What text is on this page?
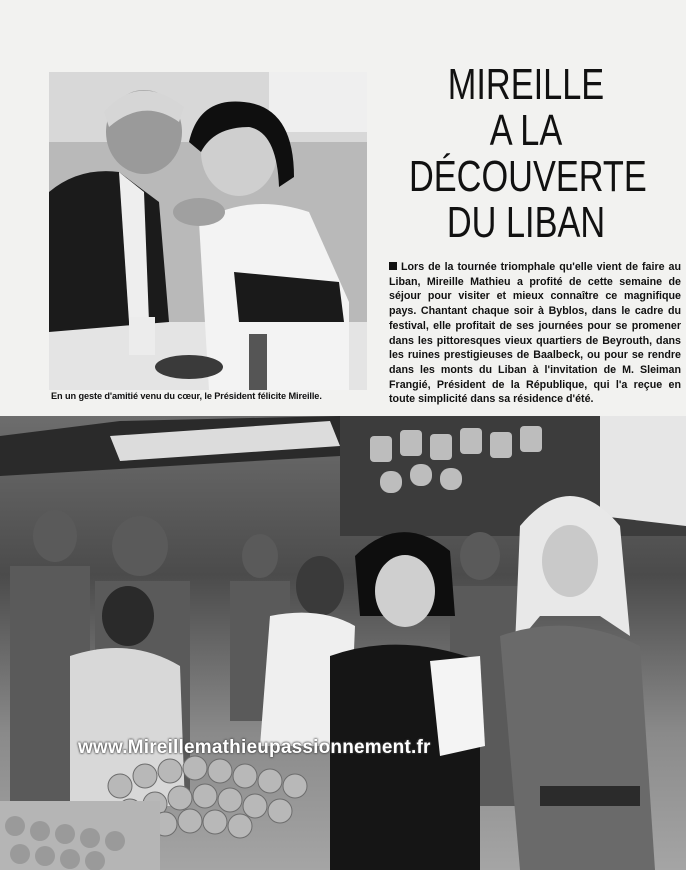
En un geste d'amitié venu du cœur, le Président félicite Mireille.
MIREILLE
A LA
DÉCOUVERTE
DU LIBAN
Lors de la tournée triomphale qu'elle vient de faire au Liban, Mireille Mathieu a profité de cette semaine de séjour pour visiter et mieux connaître ce magnifique pays. Chantant chaque soir à Byblos, dans le cadre du festival, elle profitait de ses journées pour se promener dans les pittoresques vieux quartiers de Beyrouth, dans les ruines prestigieuses de Baalbeck, ou pour se rendre dans les monts du Liban à l'invitation de M. Sleiman Frangié, Président de la République, qui l'a reçue en toute simplicité dans sa résidence d'été.
www.Mireillemathieupassionnement.fr
